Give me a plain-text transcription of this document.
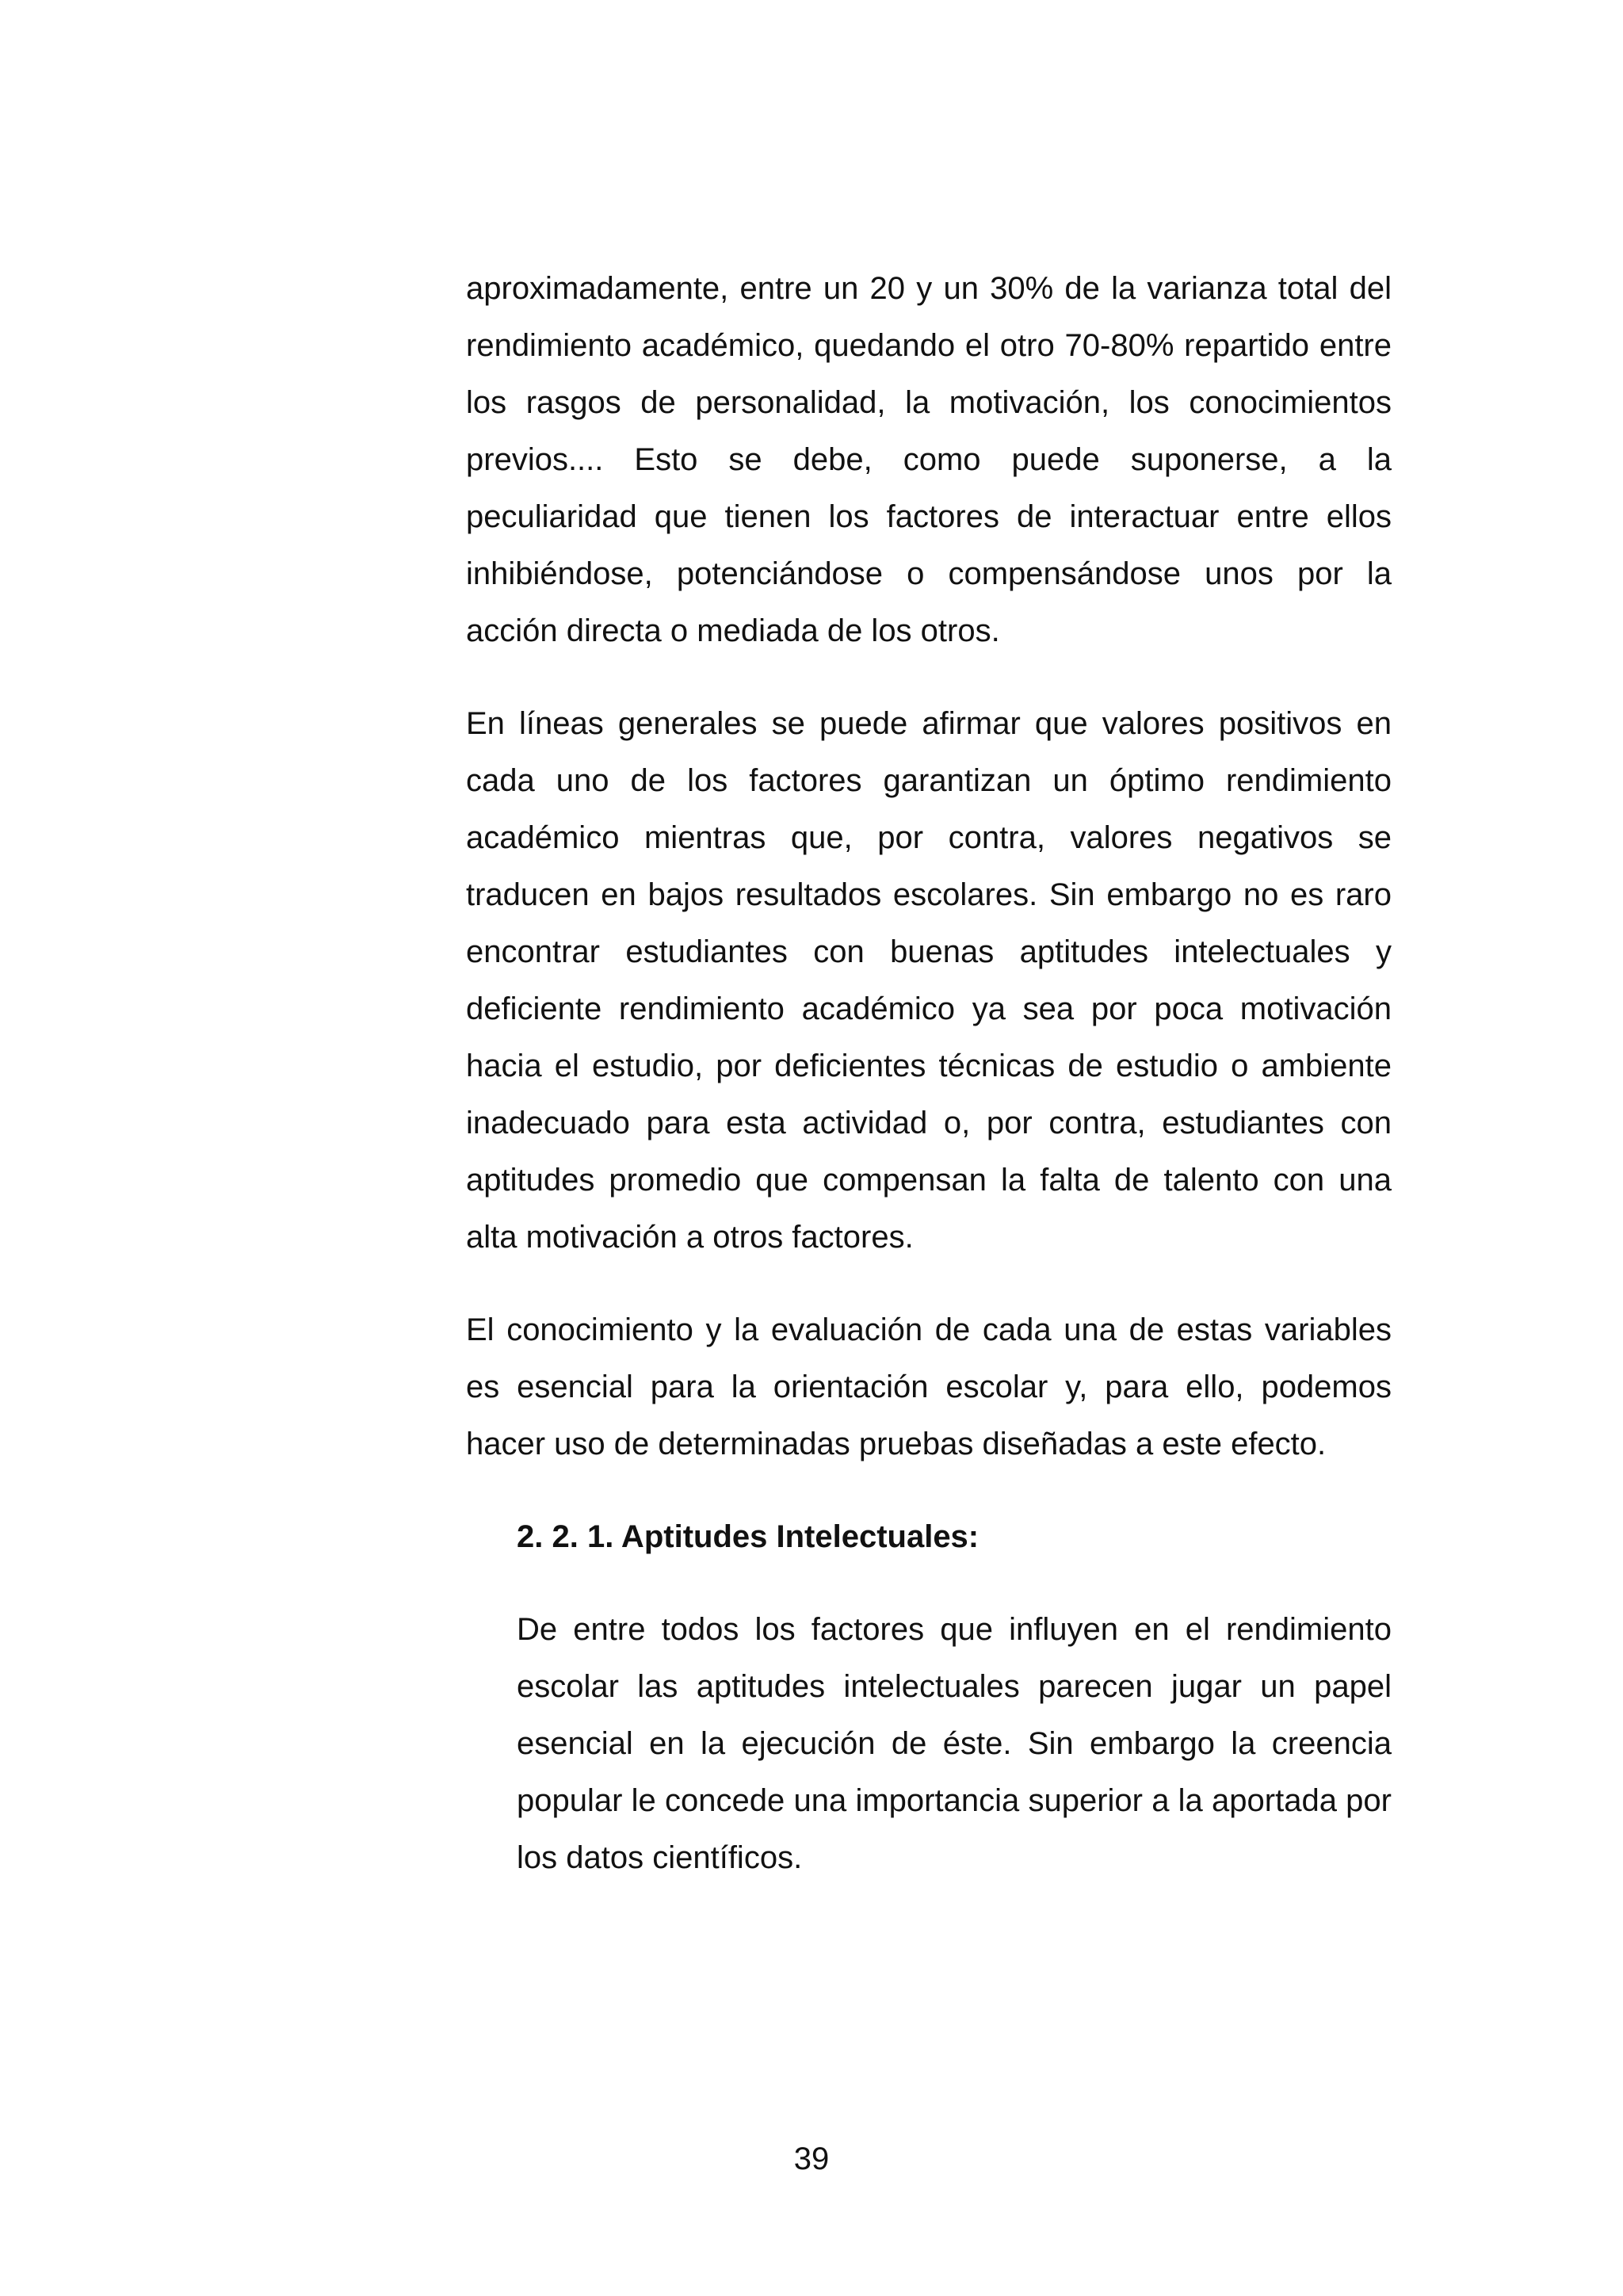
aproximadamente, entre un 20 y un 30% de la varianza total del rendimiento académico, quedando el otro 70-80% repartido entre los rasgos de personalidad, la motivación, los conocimientos previos.... Esto se debe, como puede suponerse, a la peculiaridad que tienen los factores de interactuar entre ellos inhibiéndose, potenciándose o compensándose unos por la acción directa o mediada de los otros.

En líneas generales se puede afirmar que valores positivos en cada uno de los factores garantizan un óptimo rendimiento académico mientras que, por contra, valores negativos se traducen en bajos resultados escolares. Sin embargo no es raro encontrar estudiantes con buenas aptitudes intelectuales y deficiente rendimiento académico ya sea por poca motivación hacia el estudio, por deficientes técnicas de estudio o ambiente inadecuado para esta actividad o, por contra, estudiantes con aptitudes promedio que compensan la falta de talento con una alta motivación a otros factores.

El conocimiento y la evaluación de cada una de estas variables es esencial para la orientación escolar y, para ello, podemos hacer uso de determinadas pruebas diseñadas a este efecto.

2. 2. 1. Aptitudes Intelectuales:

De entre todos los factores que influyen en el rendimiento escolar las aptitudes intelectuales parecen jugar un papel esencial en la ejecución de éste. Sin embargo la creencia popular le concede una importancia superior a la aportada por los datos científicos.

39
